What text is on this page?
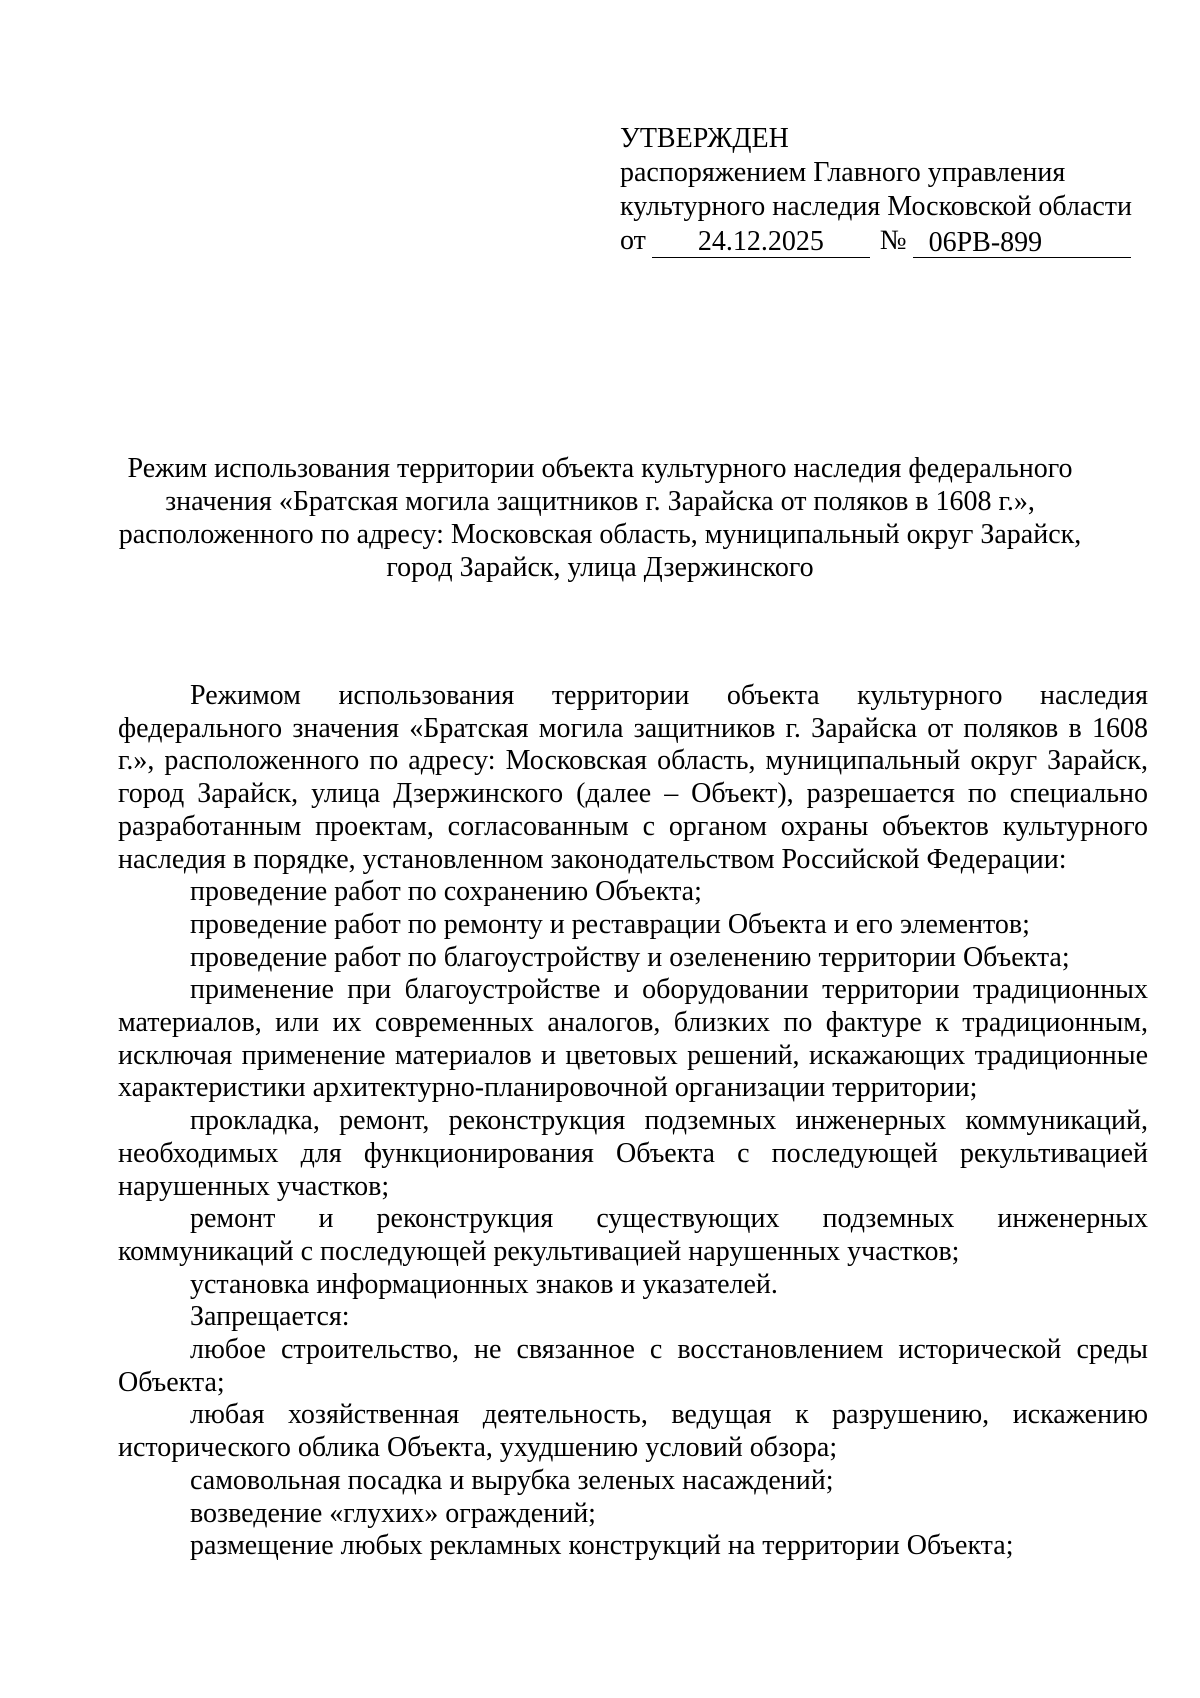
УТВЕРЖДЕН
распоряжением Главного управления
культурного наследия Московской области
от	24.12.2025	№ 06РВ-899
Режим использования территории объекта культурного наследия федерального
значения «Братская могила защитников г. Зарайска от поляков в 1608 г.»,
расположенного по адресу: Московская область, муниципальный округ Зарайск,
город Зарайск, улица Дзержинского

Режимом использования территории объекта культурного наследия федерального значения «Братская могила защитников г. Зарайска от поляков в 1608 г.», расположенного по адресу: Московская область, муниципальный округ Зарайск, город Зарайск, улица Дзержинского (далее – Объект), разрешается по специально разработанным проектам, согласованным с органом охраны объектов культурного наследия в порядке, установленном законодательством Российской Федерации:

проведение работ по сохранению Объекта;

проведение работ по ремонту и реставрации Объекта и его элементов;

проведение работ по благоустройству и озеленению территории Объекта;

применение при благоустройстве и оборудовании территории традиционных материалов, или их современных аналогов, близких по фактуре к традиционным, исключая применение материалов и цветовых решений, искажающих традиционные характеристики архитектурно-планировочной организации территории;

прокладка, ремонт, реконструкция подземных инженерных коммуникаций, необходимых для функционирования Объекта с последующей рекультивацией нарушенных участков;

ремонт и реконструкция существующих подземных инженерных коммуникаций с последующей рекультивацией нарушенных участков;

установка информационных знаков и указателей.

Запрещается:

любое строительство, не связанное с восстановлением исторической среды Объекта;

любая хозяйственная деятельность, ведущая к разрушению, искажению исторического облика Объекта, ухудшению условий обзора;

самовольная посадка и вырубка зеленых насаждений;

возведение «глухих» ограждений;

размещение любых рекламных конструкций на территории Объекта;
